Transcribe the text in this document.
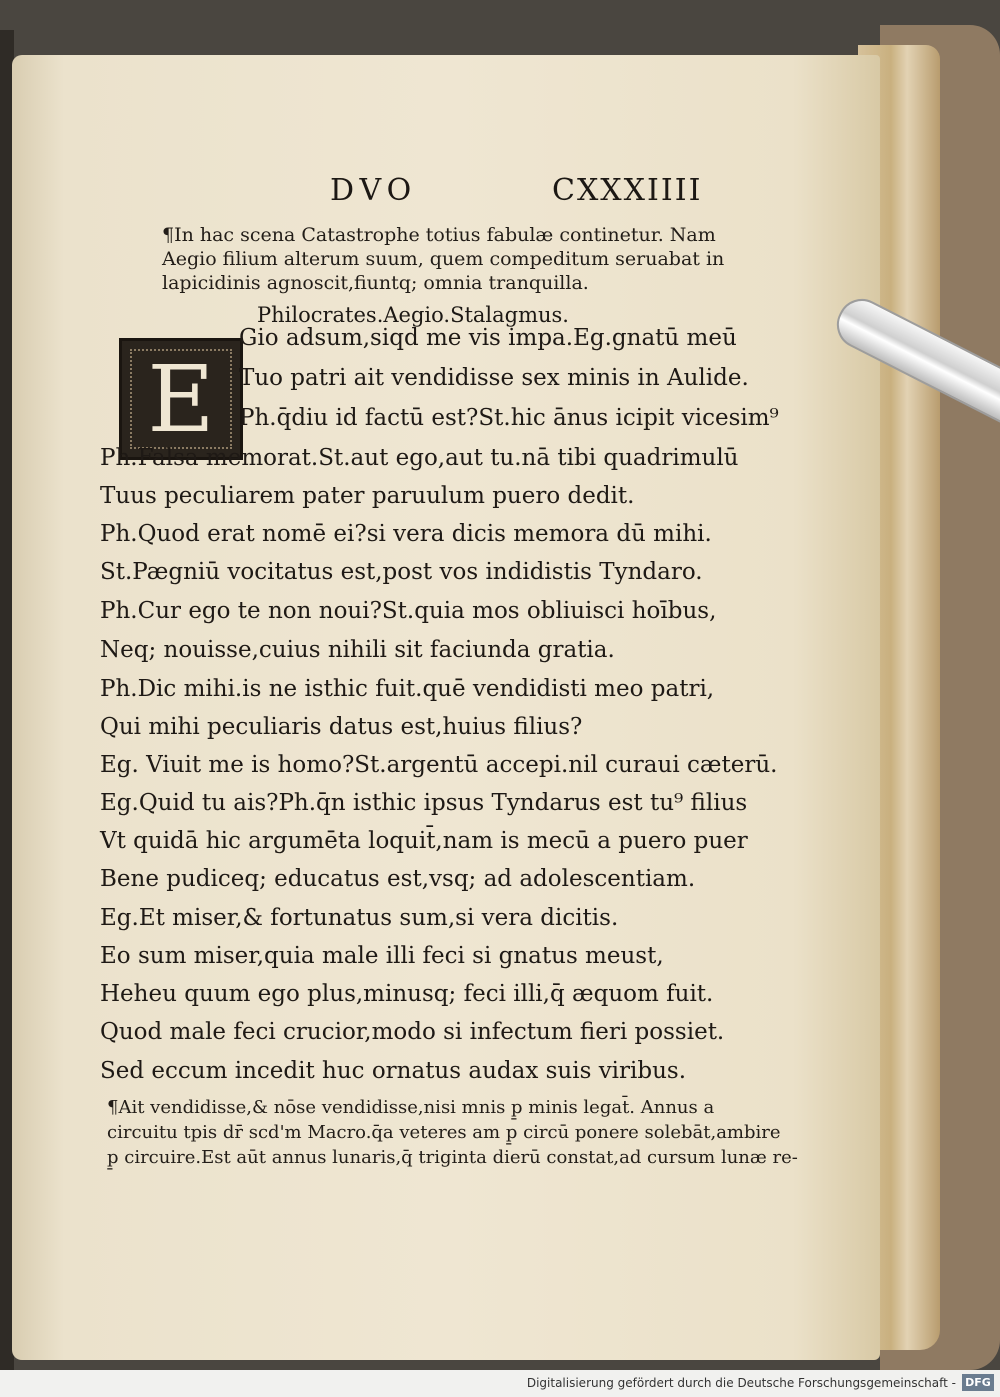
DVO	CXXXIIII
¶In hac scena Catastrophe totius fabulæ continetur. Nam
Aegio filium alterum suum, quem compeditum seruabat in
lapicidinis agnoscit,fiuntq; omnia tranquilla.
Philocrates.Aegio.Stalagmus.
E
Gio adsum,siqd me vis impa.Eg.gnatū meū
Tuo patri ait vendidisse sex minis in Aulide.
Ph.q̄diu id factū est?St.hic ānus icipit vicesim⁹
Ph.Falsa memorat.St.aut ego,aut tu.nā tibi quadrimulū
Tuus peculiarem pater paruulum puero dedit.
Ph.Quod erat nomē ei?si vera dicis memora dū mihi.
St.Pægniū vocitatus est,post vos indidistis Tyndaro.
Ph.Cur ego te non noui?St.quia mos obliuisci hoībus,
Neq; nouisse,cuius nihili sit faciunda gratia.
Ph.Dic mihi.is ne isthic fuit.quē vendidisti meo patri,
Qui mihi peculiaris datus est,huius filius?
Eg. Viuit me is homo?St.argentū accepi.nil curaui cæterū.
Eg.Quid tu ais?Ph.q̄n isthic ipsus Tyndarus est tu⁹ filius
Vt quidā hic argumēta loquit̄,nam is mecū a puero puer
Bene pudiceq; educatus est,vsq; ad adolescentiam.
Eg.Et miser,& fortunatus sum,si vera dicitis.
Eo sum miser,quia male illi feci si gnatus meust,
Heheu quum ego plus,minusq; feci illi,q̄ æquom fuit.
Quod male feci crucior,modo si infectum fieri possiet.
Sed eccum incedit huc ornatus audax suis viribus.
¶Ait vendidisse,& nōse vendidisse,nisi mnis p̱ minis legat̄. Annus a
circuitu tpis dr̄ scd'm Macro.q̄a veteres am p̱ circū ponere solebāt,ambire
p̱ circuire.Est aūt annus lunaris,q̄ triginta dierū constat,ad cursum lunæ re-
Digitalisierung gefördert durch die Deutsche Forschungsgemeinschaft - DFG
